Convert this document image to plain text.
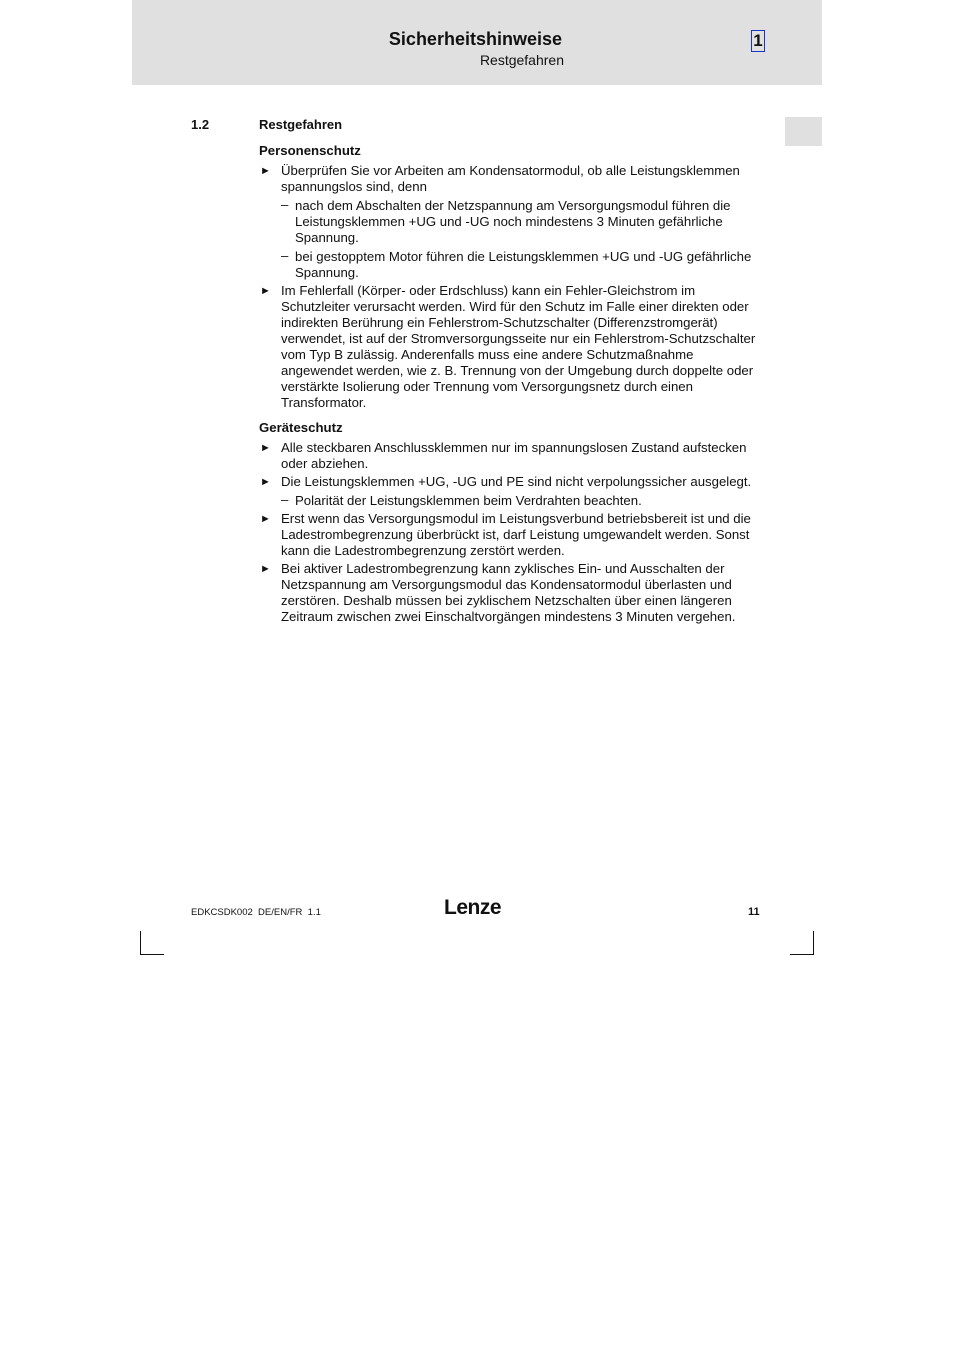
Sicherheitshinweise
Restgefahren
1
1.2	Restgefahren
Personenschutz
► Überprüfen Sie vor Arbeiten am Kondensatormodul, ob alle Leistungsklemmen spannungslos sind, denn
– nach dem Abschalten der Netzspannung am Versorgungsmodul führen die Leistungsklemmen +UG und -UG noch mindestens 3 Minuten gefährliche Spannung.
– bei gestopptem Motor führen die Leistungsklemmen +UG und -UG gefährliche Spannung.
► Im Fehlerfall (Körper- oder Erdschluss) kann ein Fehler-Gleichstrom im Schutzleiter verursacht werden. Wird für den Schutz im Falle einer direkten oder indirekten Berührung ein Fehlerstrom-Schutzschalter (Differenzstromgerät) verwendet, ist auf der Stromversorgungsseite nur ein Fehlerstrom-Schutzschalter vom Typ B zulässig. Anderenfalls muss eine andere Schutzmaßnahme angewendet werden, wie z. B. Trennung von der Umgebung durch doppelte oder verstärkte Isolierung oder Trennung vom Versorgungsnetz durch einen Transformator.
Geräteschutz
► Alle steckbaren Anschlussklemmen nur im spannungslosen Zustand aufstecken oder abziehen.
► Die Leistungsklemmen +UG, -UG und PE sind nicht verpolungssicher ausgelegt.
– Polarität der Leistungsklemmen beim Verdrahten beachten.
► Erst wenn das Versorgungsmodul im Leistungsverbund betriebsbereit ist und die Ladestrombegrenzung überbrückt ist, darf Leistung umgewandelt werden. Sonst kann die Ladestrombegrenzung zerstört werden.
► Bei aktiver Ladestrombegrenzung kann zyklisches Ein- und Ausschalten der Netzspannung am Versorgungsmodul das Kondensatormodul überlasten und zerstören. Deshalb müssen bei zyklischem Netzschalten über einen längeren Zeitraum zwischen zwei Einschaltvorgängen mindestens 3 Minuten vergehen.
EDKCSDK002  DE/EN/FR  1.1	Lenze	11
